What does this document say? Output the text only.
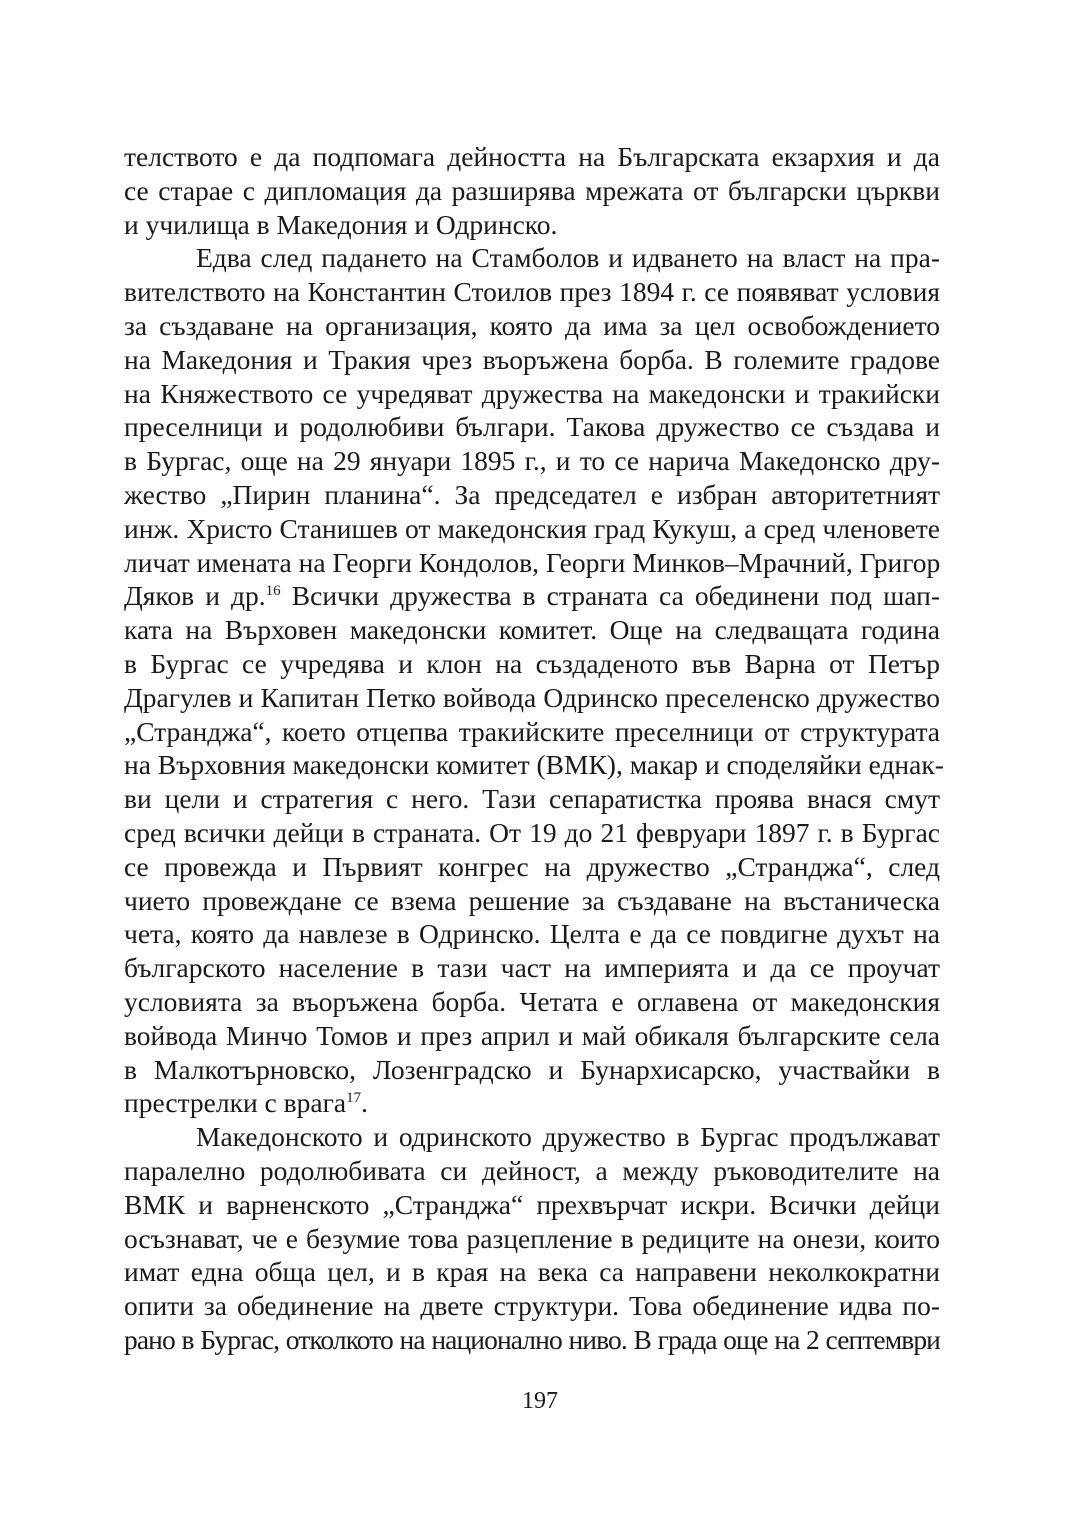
телството е да подпомага дейността на Българската екзархия и да
се старае с дипломация да разширява мрежата от български църкви
и училища в Македония и Одринско.

Едва след падането на Стамболов и идването на власт на пра-
вителството на Константин Стоилов през 1894 г. се появяват условия
за създаване на организация, която да има за цел освобождението
на Македония и Тракия чрез въоръжена борба. В големите градове
на Княжеството се учредяват дружества на македонски и тракийски
преселници и родолюбиви българи. Такова дружество се създава и
в Бургас, още на 29 януари 1895 г., и то се нарича Македонско дру-
жество „Пирин планина“. За председател е избран авторитетният
инж. Христо Станишев от македонския град Кукуш, а сред членовете
личат имената на Георги Кондолов, Георги Минков–Мрачний, Григор
Дяков и др.$^{16}$ Всички дружества в страната са обединени под шап-
ката на Върховен македонски комитет. Още на следващата година
в Бургас се учредява и клон на създаденото във Варна от Петър
Драгулев и Капитан Петко войвода Одринско преселенско дружество
„Странджа“, което отцепва тракийските преселници от структурата
на Върховния македонски комитет (ВМК), макар и споделяйки еднак-
ви цели и стратегия с него. Тази сепаратистка проява внася смут
сред всички дейци в страната. От 19 до 21 февруари 1897 г. в Бургас
се провежда и Първият конгрес на дружество „Странджа“, след
чието провеждане се взема решение за създаване на въстаническа
чета, която да навлезе в Одринско. Целта е да се повдигне духът на
българското население в тази част на империята и да се проучат
условията за въоръжена борба. Четата е оглавена от македонския
войвода Минчо Томов и през април и май обикаля българските села
в Малкотърновско, Лозенградско и Бунархисарско, участвайки в
престрелки с врага$^{17}$.

Македонското и одринското дружество в Бургас продължават
паралелно родолюбивата си дейност, а между ръководителите на
ВМК и варненското „Странджа“ прехвърчат искри. Всички дейци
осъзнават, че е безумие това разцепление в редиците на онези, които
имат една обща цел, и в края на века са направени неколкократни
опити за обединение на двете структури. Това обединение идва по-
рано в Бургас, отколкото на национално ниво. В града още на 2 септември

197
